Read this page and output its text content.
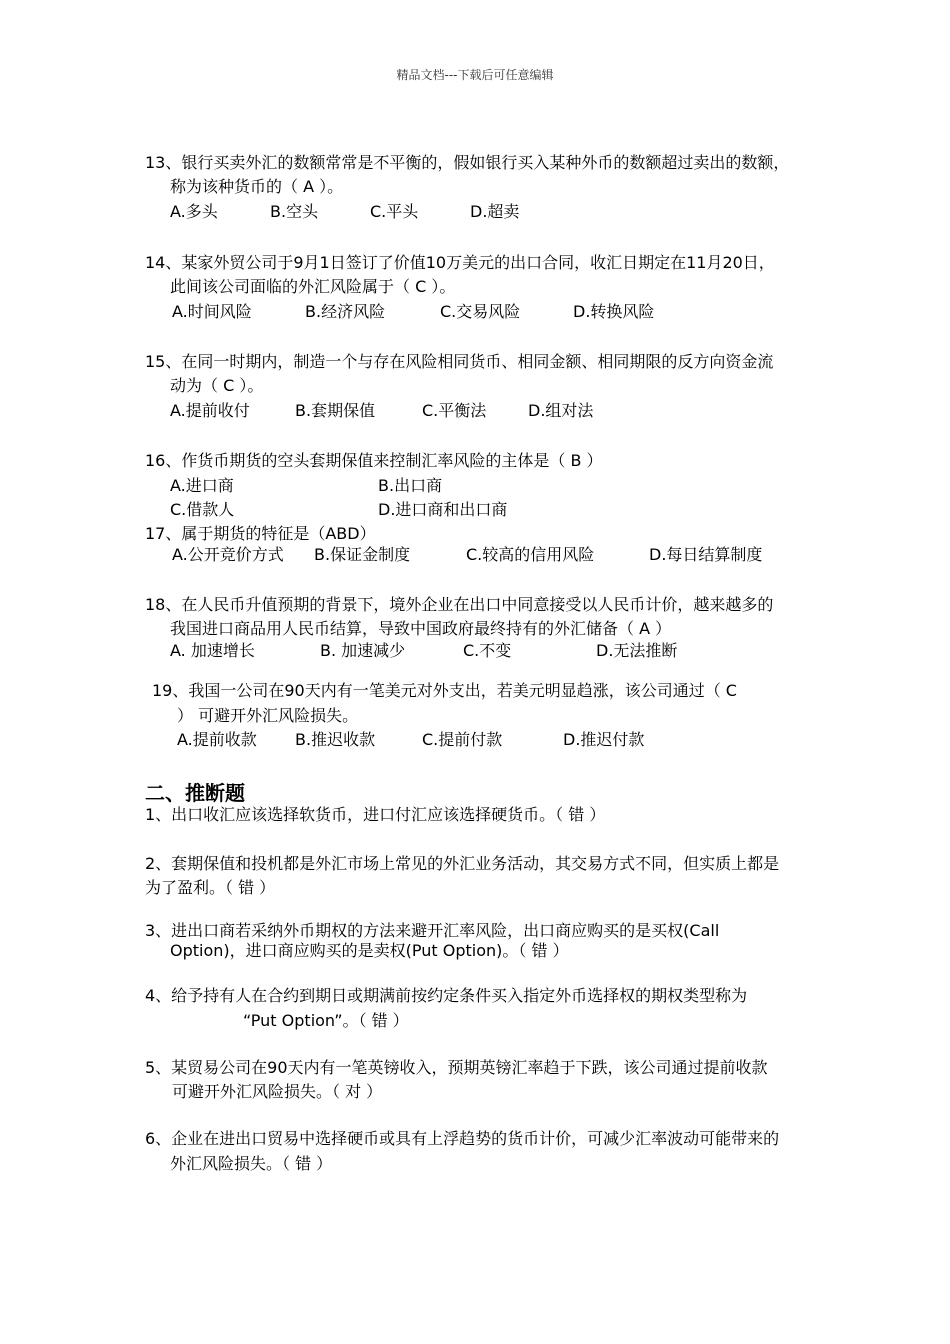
精品文档---下载后可任意编辑
13、银行买卖外汇的数额常常是不平衡的，假如银行买入某种外币的数额超过卖出的数额，
称为该种货币的（ A ）。
A.多头	B.空头	C.平头	D.超卖
14、某家外贸公司于9月1日签订了价值10万美元的出口合同，收汇日期定在11月20日，
此间该公司面临的外汇风险属于（ C ）。
A.时间风险	B.经济风险	C.交易风险	D.转换风险
15、在同一时期内，制造一个与存在风险相同货币、相同金额、相同期限的反方向资金流
动为（ C ）。
A.提前收付	B.套期保值	C.平衡法	D.组对法
16、作货币期货的空头套期保值来控制汇率风险的主体是（ B ）
A.进口商	B.出口商
C.借款人	D.进口商和出口商
17、属于期货的特征是（ABD）
A.公开竞价方式 B.保证金制度	C.较高的信用风险	D.每日结算制度
18、在人民币升值预期的背景下，境外企业在出口中同意接受以人民币计价，越来越多的
我国进口商品用人民币结算，导致中国政府最终持有的外汇储备（ A ）
A. 加速增长	B. 加速减少	C.不变	D.无法推断
19、我国一公司在90天内有一笔美元对外支出，若美元明显趋涨，该公司通过（ C
） 可避开外汇风险损失。
A.提前收款 B.推迟收款	C.提前付款	D.推迟付款
二、推断题
1、出口收汇应该选择软货币，进口付汇应该选择硬货币。（ 错 ）
2、套期保值和投机都是外汇市场上常见的外汇业务活动，其交易方式不同，但实质上都是
为了盈利。（ 错 ）
3、进出口商若采纳外币期权的方法来避开汇率风险，出口商应购买的是买权(Call
Option)，进口商应购买的是卖权(Put Option)。（ 错 ）
4、给予持有人在合约到期日或期满前按约定条件买入指定外币选择权的期权类型称为
“Put Option”。（ 错 ）
5、某贸易公司在90天内有一笔英镑收入，预期英镑汇率趋于下跌，该公司通过提前收款
可避开外汇风险损失。（ 对 ）
6、企业在进出口贸易中选择硬币或具有上浮趋势的货币计价，可减少汇率波动可能带来的
外汇风险损失。（ 错 ）
